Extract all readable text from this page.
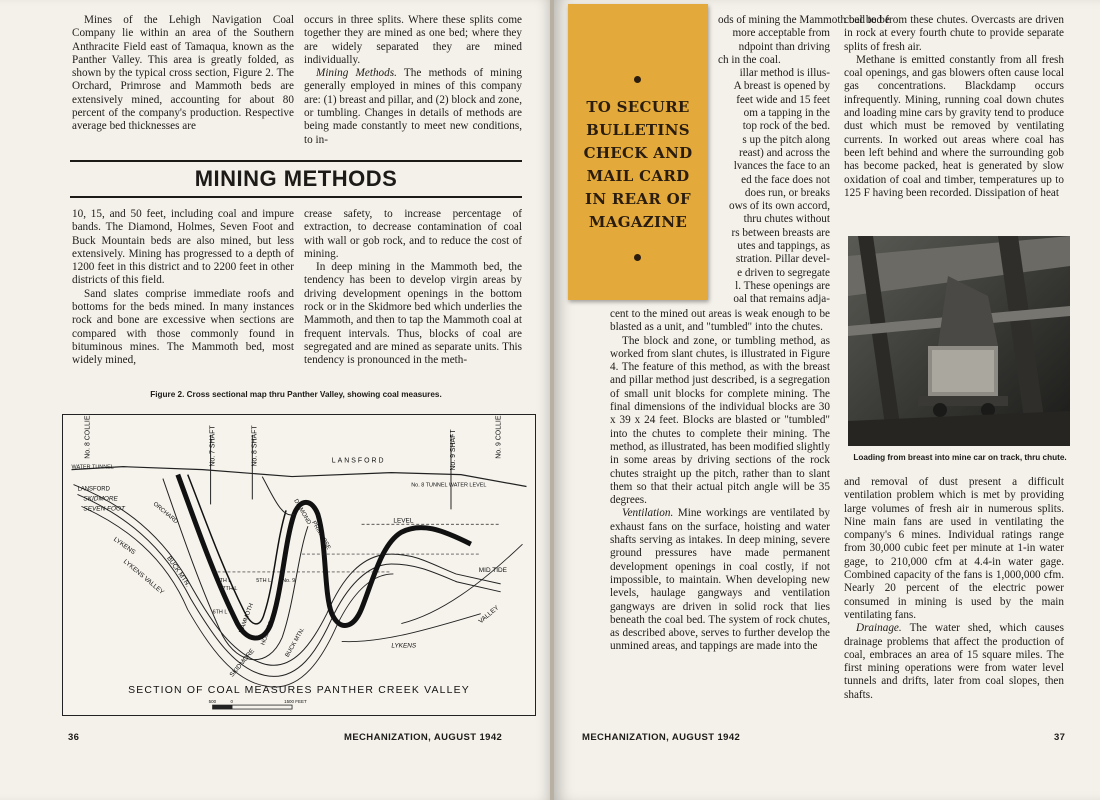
Mines of the Lehigh Navigation Coal Company lie within an area of the Southern Anthracite Field east of Tamaqua, known as the Panther Valley. This area is greatly folded, as shown by the typical cross section, Figure 2. The Orchard, Primrose and Mammoth beds are extensively mined, accounting for about 80 percent of the company's production. Respective average bed thicknesses are

occurs in three splits. Where these splits come together they are mined as one bed; where they are widely separated they are mined individually.

Mining Methods. The methods of mining generally employed in mines of this company are: (1) breast and pillar, and (2) block and zone, or tumbling. Changes in details of methods are being made constantly to meet new conditions, to in-

MINING METHODS

10, 15, and 50 feet, including coal and impure bands. The Diamond, Holmes, Seven Foot and Buck Mountain beds are also mined, but less extensively. Mining has progressed to a depth of 1200 feet in this district and to 2200 feet in other districts of this field.

Sand slates comprise immediate roofs and bottoms for the beds mined. In many instances rock and bone are excessive when sections are compared with those commonly found in bituminous mines. The Mammoth bed, most widely mined,

crease safety, to increase percentage of extraction, to decrease contamination of coal with wall or gob rock, and to reduce the cost of mining.

In deep mining in the Mammoth bed, the tendency has been to develop virgin areas by driving development openings in the bottom rock or in the Skidmore bed which underlies the Mammoth, and then to tap the Mammoth coal at frequent intervals. Thus, blocks of coal are segregated and are mined as separate units. This tendency is pronounced in the meth-

Figure 2. Cross sectional map thru Panther Valley, showing coal measures.
No. 8 COLLIERY	No. 7 SHAFT	No. 8 SHAFT	No. 9 SHAFT	No. 9 COLLIERY
LANSFORD
WATER TUNNEL
No. 8 TUNNEL WATER LEVEL
LANSFORD
SKIDMORE
SEVEN FOOT
LYKENS
LYKENS VALLEY BUCK MTN.
DIAMOND
ORCHARD
PRIMROSE
HOLMES
MAMMOTH
LEVEL
MID TIDE
SKIDMORE
LYKENS
VALLEY
6TH L
6TH L
5TH L
7TH L
No. 9
BUCK MTN.
SECTION OF COAL MEASURES PANTHER CREEK VALLEY
500	0	1500 FEET
36	MECHANIZATION, AUGUST 1942
ods of mining the Mammoth bed to be
more acceptable from
ndpoint than driving
ch in the coal.
illar method is illus-
A breast is opened by
feet wide and 15 feet
om a tapping in the
top rock of the bed.
s up the pitch along
reast) and across the
lvances the face to an
ed the face does not
does run, or breaks
ows of its own accord,
thru chutes without
rs between breasts are
utes and tappings, as
stration. Pillar devel-
e driven to segregate
l. These openings are
oal that remains adja-

cent to the mined out areas is weak enough to be blasted as a unit, and "tumbled" into the chutes.

The block and zone, or tumbling method, as worked from slant chutes, is illustrated in Figure 4. The feature of this method, as with the breast and pillar method just described, is a segregation of small unit blocks for complete mining. The final dimensions of the individual blocks are 30 x 39 x 24 feet. Blocks are blasted or "tumbled" into the chutes to complete their mining. The method, as illustrated, has been modified slightly in some areas by driving sections of the rock chutes straight up the pitch, rather than to slant them so that their actual pitch angle will be 35 degrees.

Ventilation. Mine workings are ventilated by exhaust fans on the surface, hoisting and water shafts serving as intakes. In deep mining, severe ground pressures have made permanent development openings in coal costly, if not impossible, to maintain. When developing new levels, haulage gangways and ventilation gangways are driven in solid rock that lies beneath the coal bed. The system of rock chutes, as described above, serves to further develop the unmined areas, and tappings are made into the

coal bed from these chutes. Overcasts are driven in rock at every fourth chute to provide separate splits of fresh air.

Methane is emitted constantly from all fresh coal openings, and gas blowers often cause local gas concentrations. Blackdamp occurs infrequently. Mining, running coal down chutes and loading mine cars by gravity tend to produce dust which must be removed by ventilating currents. In worked out areas where coal has been left behind and where the surrounding gob has become packed, heat is generated by slow oxidation of coal and timber, temperatures up to 125 F having been recorded. Dissipation of heat

and removal of dust present a difficult ventilation problem which is met by providing large volumes of fresh air in numerous splits. Nine main fans are used in ventilating the company's 6 mines. Individual ratings range from 30,000 cubic feet per minute at 1-in water gage, to 210,000 cfm at 4.4-in water gage. Combined capacity of the fans is 1,000,000 cfm. Nearly 20 percent of the electric power consumed in mining is used by the main ventilating fans.

Drainage. The water shed, which causes drainage problems that affect the production of coal, embraces an area of 15 square miles. The first mining operations were from water level tunnels and drifts, later from coal slopes, then shafts.

MECHANIZATION, AUGUST 1942	37
Loading from breast into mine car on track, thru chute.
TO SECURE
BULLETINS
CHECK AND
MAIL CARD
IN REAR OF
MAGAZINE
